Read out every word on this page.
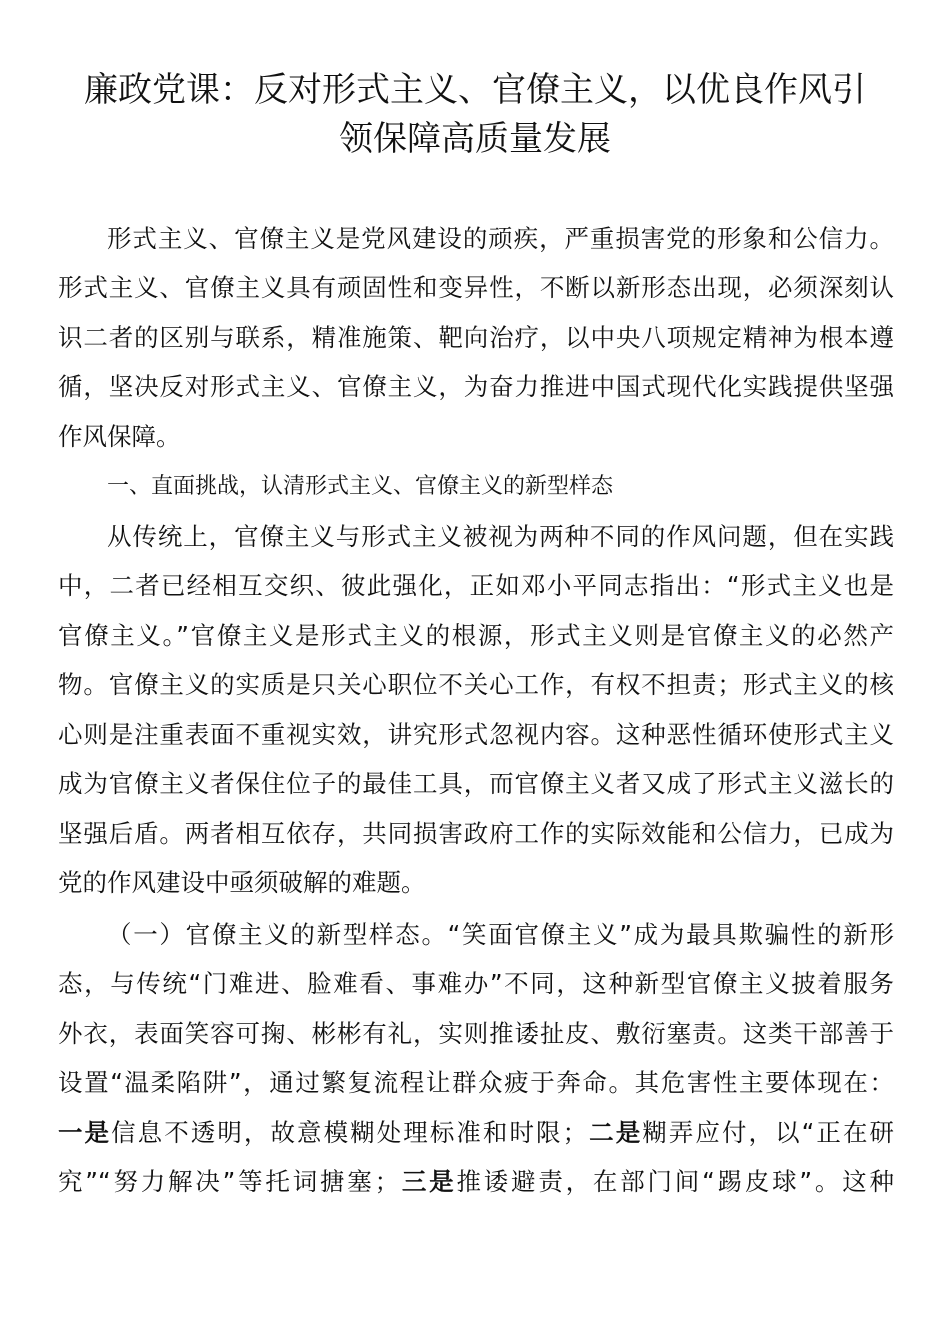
廉政党课：反对形式主义、官僚主义，以优良作风引
领保障高质量发展
形式主义、官僚主义是党风建设的顽疾，严重损害党的形象和公信力。
形式主义、官僚主义具有顽固性和变异性，不断以新形态出现，必须深刻认
识二者的区别与联系，精准施策、靶向治疗，以中央八项规定精神为根本遵
循，坚决反对形式主义、官僚主义，为奋力推进中国式现代化实践提供坚强
作风保障。
一、直面挑战，认清形式主义、官僚主义的新型样态
从传统上，官僚主义与形式主义被视为两种不同的作风问题，但在实践
中，二者已经相互交织、彼此强化，正如邓小平同志指出：“形式主义也是
官僚主义。”官僚主义是形式主义的根源，形式主义则是官僚主义的必然产
物。官僚主义的实质是只关心职位不关心工作，有权不担责；形式主义的核
心则是注重表面不重视实效，讲究形式忽视内容。这种恶性循环使形式主义
成为官僚主义者保住位子的最佳工具，而官僚主义者又成了形式主义滋长的
坚强后盾。两者相互依存，共同损害政府工作的实际效能和公信力，已成为
党的作风建设中亟须破解的难题。
（一）官僚主义的新型样态。“笑面官僚主义”成为最具欺骗性的新形
态，与传统“门难进、脸难看、事难办”不同，这种新型官僚主义披着服务
外衣，表面笑容可掬、彬彬有礼，实则推诿扯皮、敷衍塞责。这类干部善于
设置“温柔陷阱”，通过繁复流程让群众疲于奔命。其危害性主要体现在：
一是信息不透明，故意模糊处理标准和时限；二是糊弄应付，以“正在研
究”“努力解决”等托词搪塞；三是推诿避责，在部门间“踢皮球”。这种
